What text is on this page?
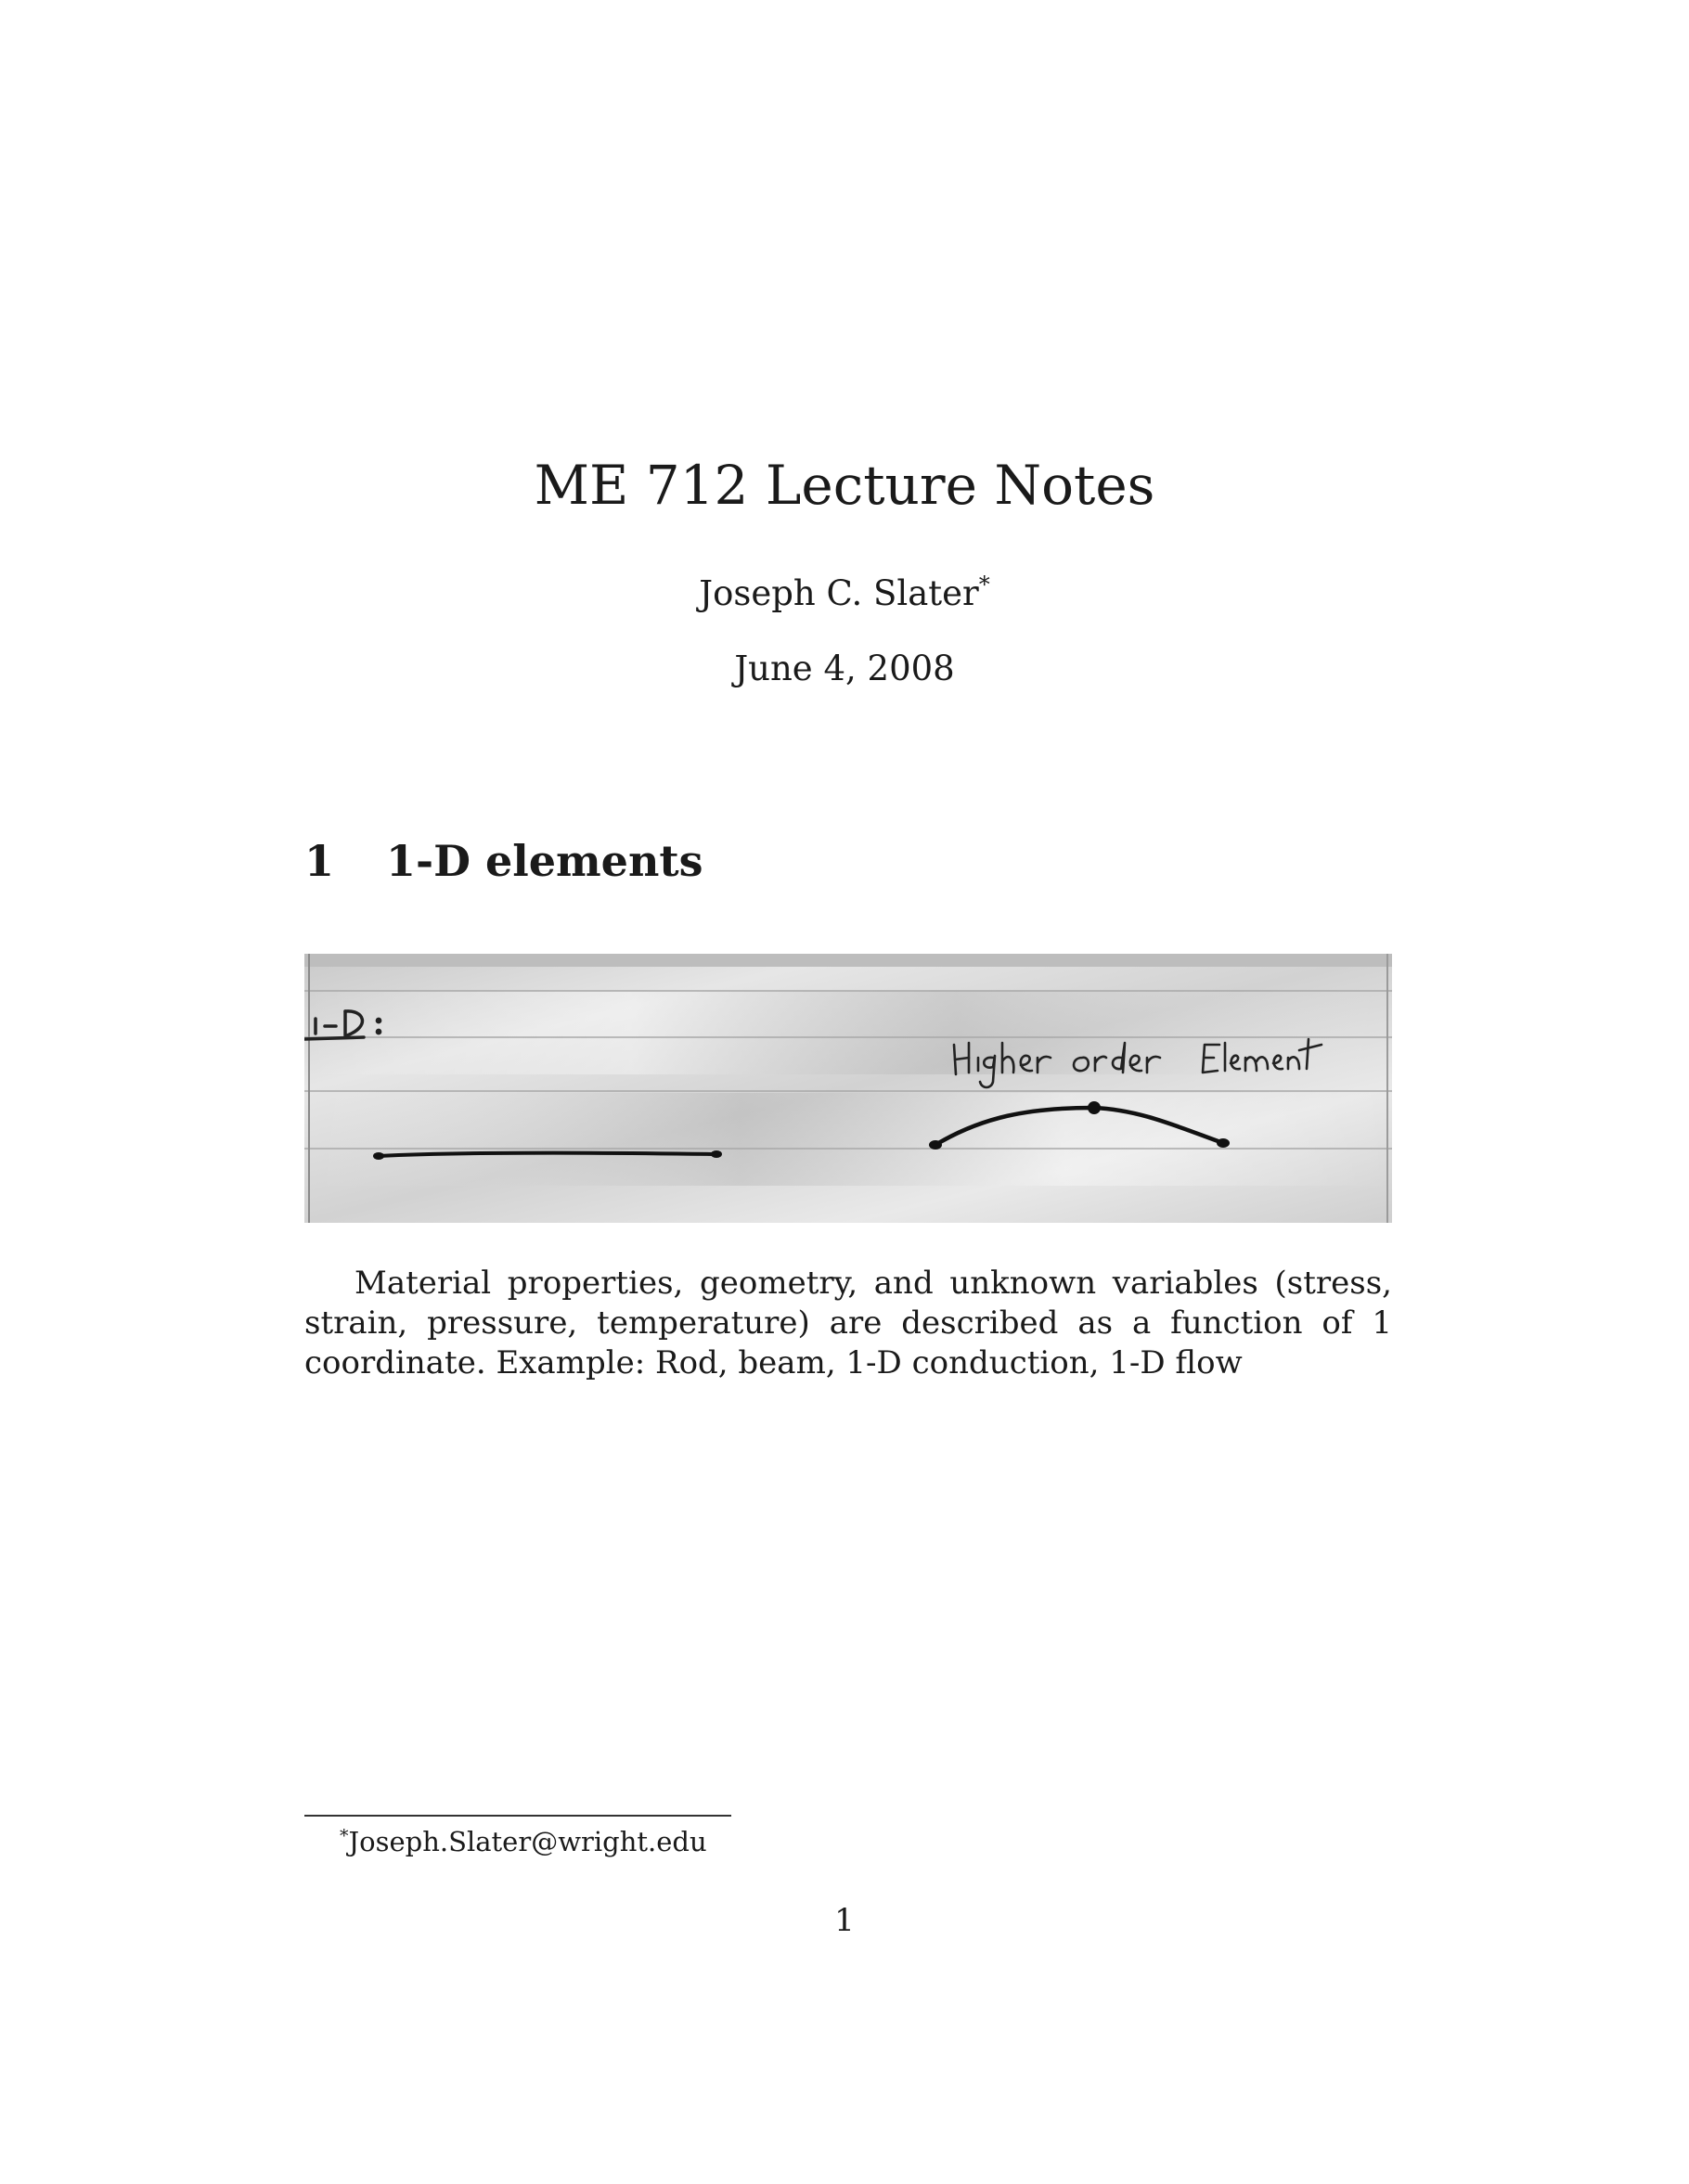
ME 712 Lecture Notes
Joseph C. Slater*
June 4, 2008
1 1-D elements
Material properties, geometry, and unknown variables (stress, strain, pressure, temperature) are described as a function of 1 coordinate. Example: Rod, beam, 1-D conduction, 1-D flow
*Joseph.Slater@wright.edu
1
